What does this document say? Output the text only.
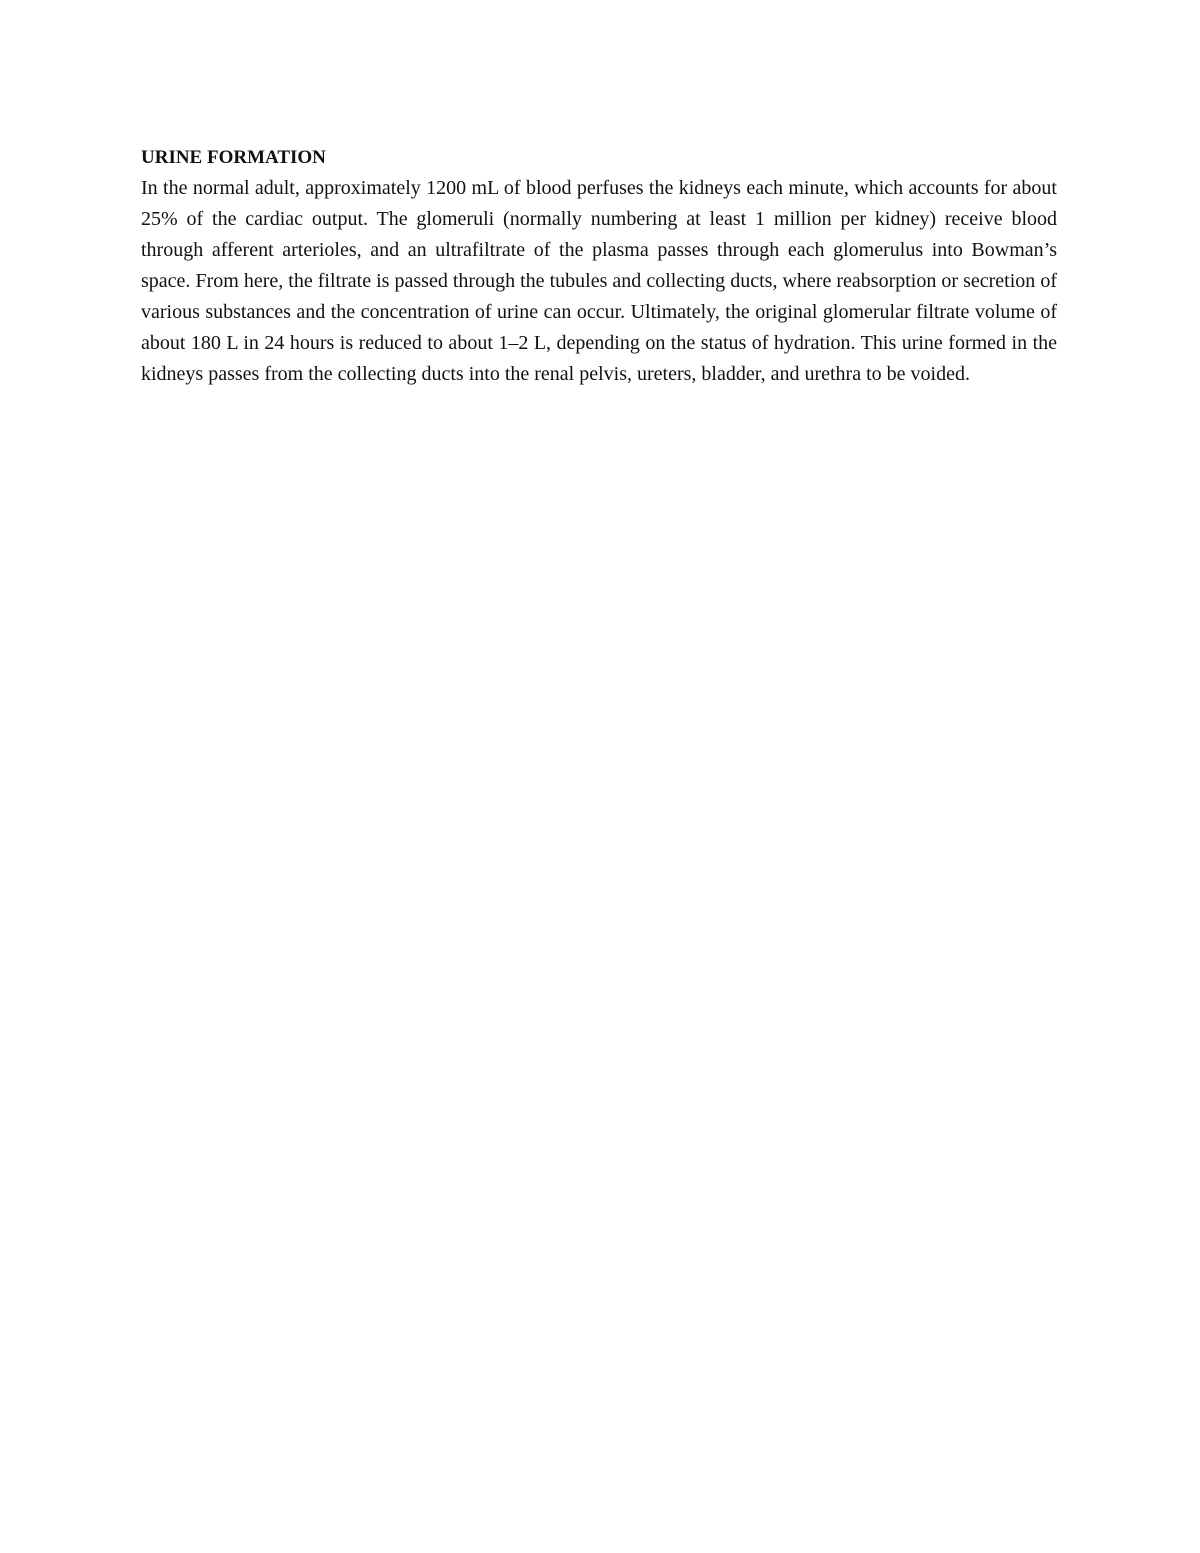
URINE FORMATION

In the normal adult, approximately 1200 mL of blood perfuses the kidneys each minute, which accounts for about 25% of the cardiac output. The glomeruli (normally numbering at least 1 million per kidney) receive blood through afferent arterioles, and an ultrafiltrate of the plasma passes through each glomerulus into Bowman’s space. From here, the filtrate is passed through the tubules and collecting ducts, where reabsorption or secretion of various substances and the concentration of urine can occur. Ultimately, the original glomerular filtrate volume of about 180 L in 24 hours is reduced to about 1–2 L, depending on the status of hydration. This urine formed in the kidneys passes from the collecting ducts into the renal pelvis, ureters, bladder, and urethra to be voided.
